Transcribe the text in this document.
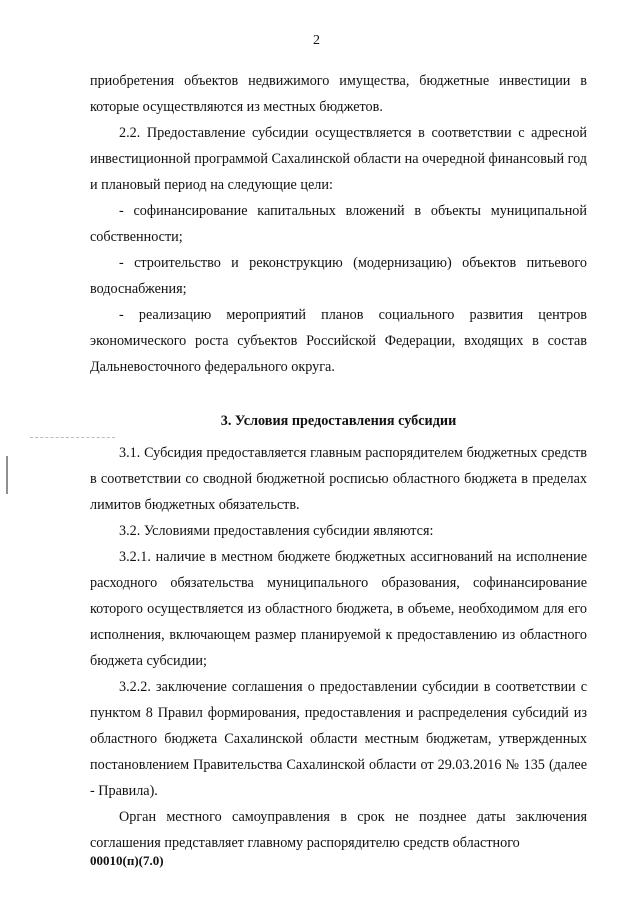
2

приобретения объектов недвижимого имущества, бюджетные инвестиции в которые осуществляются из местных бюджетов.

2.2. Предоставление субсидии осуществляется в соответствии с адресной инвестиционной программой Сахалинской области на очередной финансовый год и плановый период на следующие цели:

- софинансирование капитальных вложений в объекты муниципальной собственности;

- строительство и реконструкцию (модернизацию) объектов питьевого водоснабжения;

- реализацию мероприятий планов социального развития центров экономического роста субъектов Российской Федерации, входящих в состав Дальневосточного федерального округа.

3. Условия предоставления субсидии

3.1. Субсидия предоставляется главным распорядителем бюджетных средств в соответствии со сводной бюджетной росписью областного бюджета в пределах лимитов бюджетных обязательств.

3.2. Условиями предоставления субсидии являются:

3.2.1. наличие в местном бюджете бюджетных ассигнований на исполнение расходного обязательства муниципального образования, софинансирование которого осуществляется из областного бюджета, в объеме, необходимом для его исполнения, включающем размер планируемой к предоставлению из областного бюджета субсидии;

3.2.2. заключение соглашения о предоставлении субсидии в соответствии с пунктом 8 Правил формирования, предоставления и распределения субсидий из областного бюджета Сахалинской области местным бюджетам, утвержденных постановлением Правительства Сахалинской области от 29.03.2016 № 135 (далее - Правила).

Орган местного самоуправления в срок не позднее даты заключения соглашения представляет главному распорядителю средств областного

00010(п)(7.0)
